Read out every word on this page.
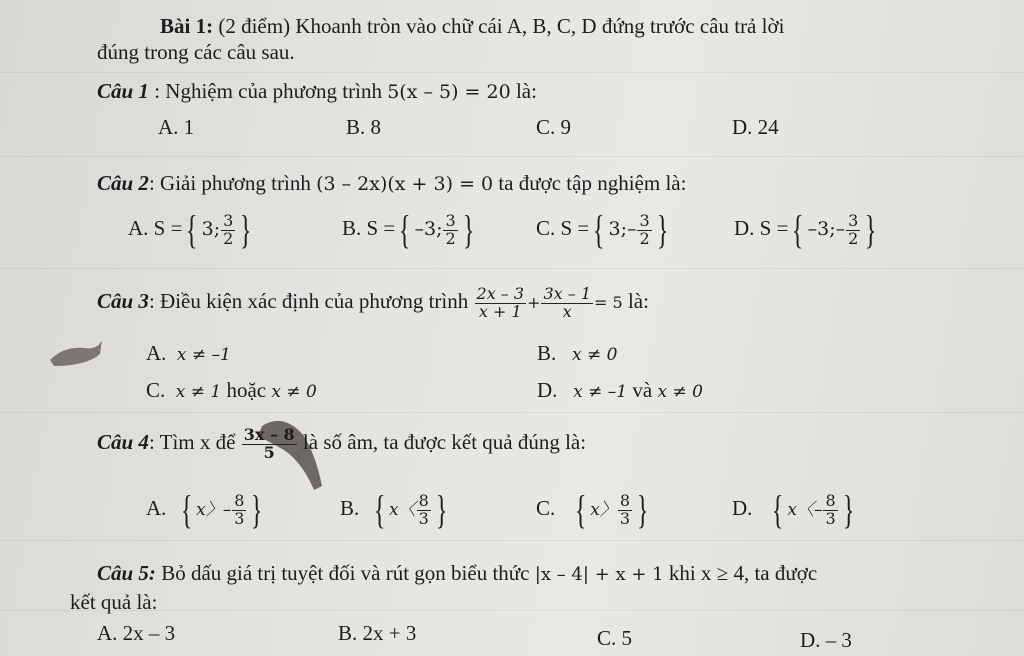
Bài 1: (2 điểm) Khoanh tròn vào chữ cái A, B, C, D đứng trước câu trả lời
đúng trong các câu sau.
Câu 1 : Nghiệm của phương trình 5(x – 5) = 20 là:
A. 1	B. 8	C. 9	D. 24
Câu 2: Giải phương trình (3 – 2x)(x + 3) = 0 ta được tập nghiệm là:
A. S ={ 3; $\frac{3}{2}$ }	B. S ={ –3; $\frac{3}{2}$ }	C. S ={ 3;– $\frac{3}{2}$ }	D. S ={ –3;– $\frac{3}{2}$ }
Câu 3: Điều kiện xác định của phương trình $\frac{2x - 3}{x + 1} + \frac{3x - 1}{x} = 5$ là:
A. x ≠ –1	B. x ≠ 0
C. x ≠ 1 hoặc x ≠ 0	D. x ≠ –1 và x ≠ 0
Câu 4: Tìm x để $\frac{3x - 8}{5}$ là số âm, ta được kết quả đúng là:
A. { x〉– $\frac{8}{3}$ }	B. { x〈 $\frac{8}{3}$ }	C. { x〉 $\frac{8}{3}$ }	D. { x〈– $\frac{8}{3}$ }
Câu 5: Bỏ dấu giá trị tuyệt đối và rút gọn biểu thức |x – 4| + x + 1 khi x ≥ 4, ta được
kết quả là:
A. 2x – 3	B. 2x + 3	C. 5	D. – 3
